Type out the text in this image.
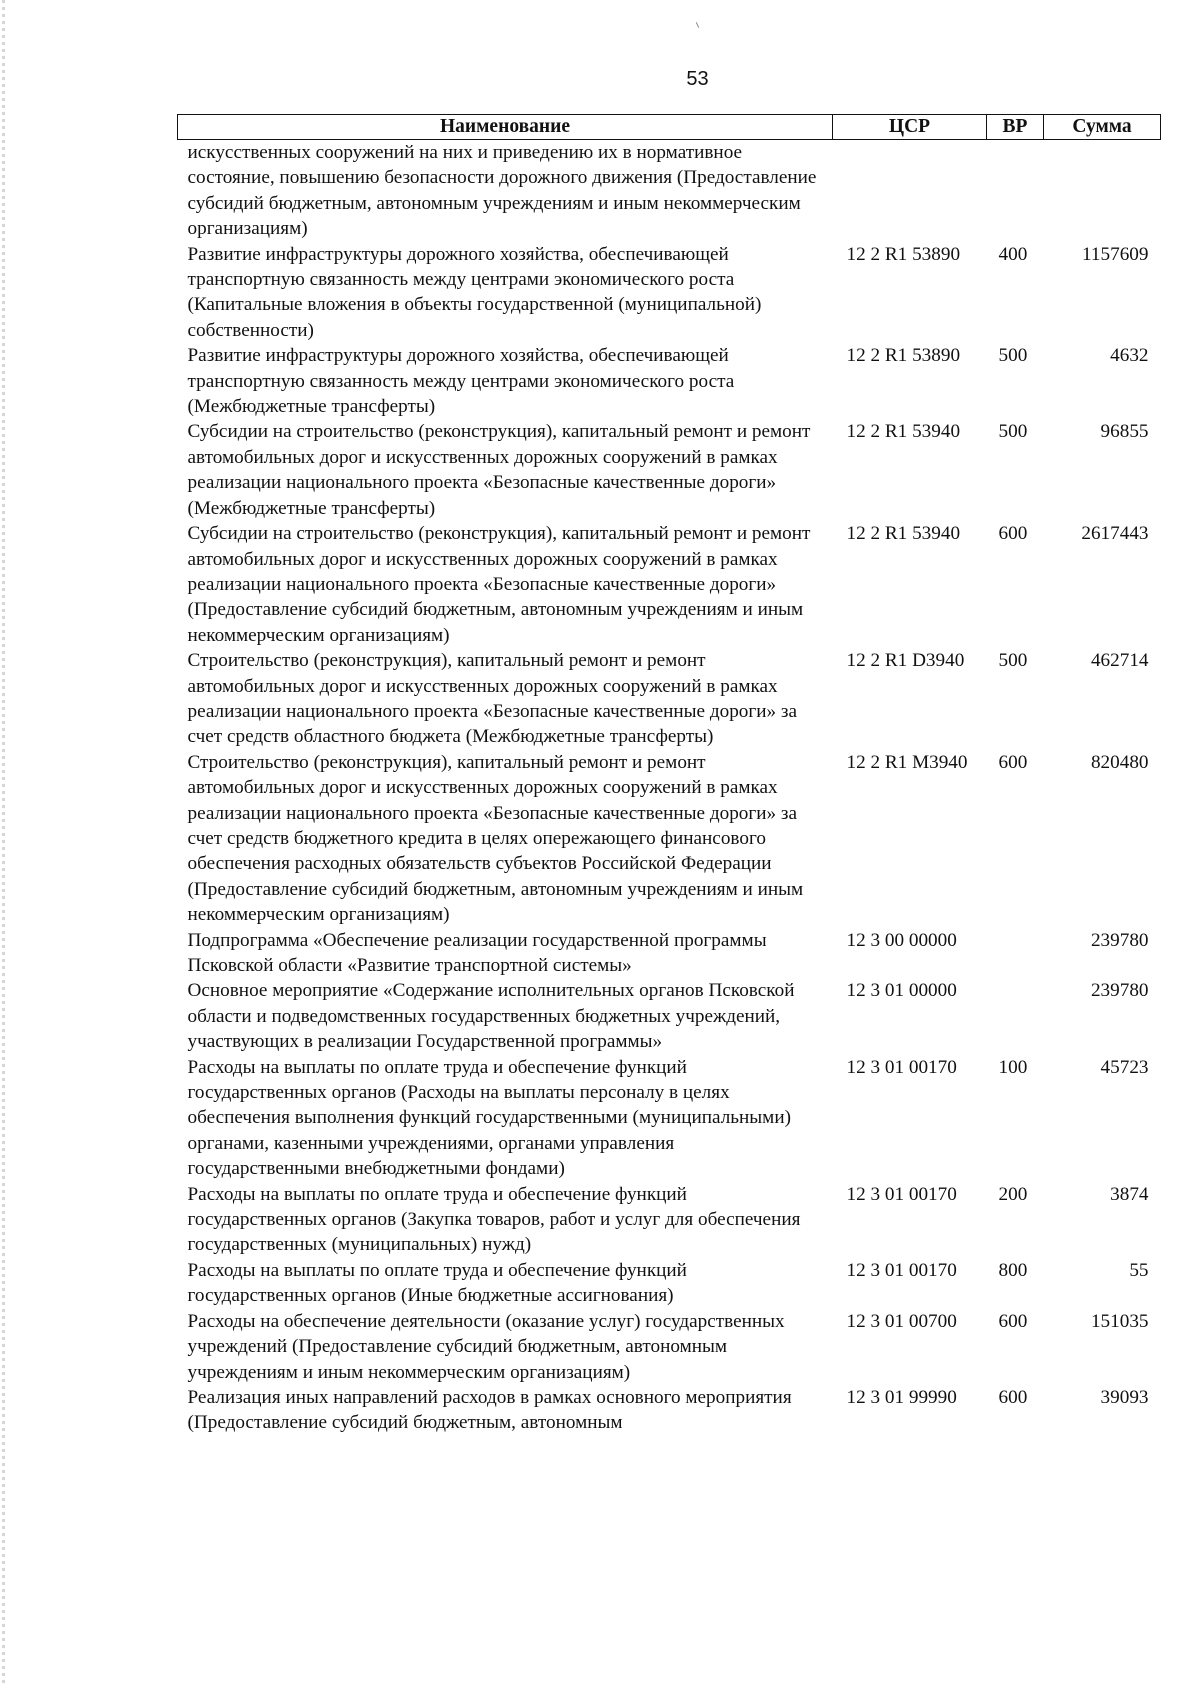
53
Наименование	ЦСР	ВР	Сумма
искусственных сооружений на них и приведению их в нормативное состояние, повышению безопасности дорожного движения (Предоставление субсидий бюджетным, автономным учреждениям и иным некоммерческим организациям)			
Развитие инфраструктуры дорожного хозяйства, обеспечивающей транспортную связанность между центрами экономического роста (Капитальные вложения в объекты государственной (муниципальной) собственности)	12 2 R1 53890	400	1157609
Развитие инфраструктуры дорожного хозяйства, обеспечивающей транспортную связанность между центрами экономического роста (Межбюджетные трансферты)	12 2 R1 53890	500	4632
Субсидии на строительство (реконструкция), капитальный ремонт и ремонт автомобильных дорог и искусственных дорожных сооружений в рамках реализации национального проекта «Безопасные качественные дороги» (Межбюджетные трансферты)	12 2 R1 53940	500	96855
Субсидии на строительство (реконструкция), капитальный ремонт и ремонт автомобильных дорог и искусственных дорожных сооружений в рамках реализации национального проекта «Безопасные качественные дороги» (Предоставление субсидий бюджетным, автономным учреждениям и иным некоммерческим организациям)	12 2 R1 53940	600	2617443
Строительство (реконструкция), капитальный ремонт и ремонт автомобильных дорог и искусственных дорожных сооружений в рамках реализации национального проекта «Безопасные качественные дороги» за счет средств областного бюджета (Межбюджетные трансферты)	12 2 R1 D3940	500	462714
Строительство (реконструкция), капитальный ремонт и ремонт автомобильных дорог и искусственных дорожных сооружений в рамках реализации национального проекта «Безопасные качественные дороги» за счет средств бюджетного кредита в целях опережающего финансового обеспечения расходных обязательств субъектов Российской Федерации (Предоставление субсидий бюджетным, автономным учреждениям и иным некоммерческим организациям)	12 2 R1 M3940	600	820480
Подпрограмма «Обеспечение реализации государственной программы Псковской области «Развитие транспортной системы»	12 3 00 00000		239780
Основное мероприятие «Содержание исполнительных органов Псковской области и подведомственных государственных бюджетных учреждений, участвующих в реализации Государственной программы»	12 3 01 00000		239780
Расходы на выплаты по оплате труда и обеспечение функций государственных органов (Расходы на выплаты персоналу в целях обеспечения выполнения функций государственными (муниципальными) органами, казенными учреждениями, органами управления государственными внебюджетными фондами)	12 3 01 00170	100	45723
Расходы на выплаты по оплате труда и обеспечение функций государственных органов (Закупка товаров, работ и услуг для обеспечения государственных (муниципальных) нужд)	12 3 01 00170	200	3874
Расходы на выплаты по оплате труда и обеспечение функций государственных органов (Иные бюджетные ассигнования)	12 3 01 00170	800	55
Расходы на обеспечение деятельности (оказание услуг) государственных учреждений (Предоставление субсидий бюджетным, автономным учреждениям и иным некоммерческим организациям)	12 3 01 00700	600	151035
Реализация иных направлений расходов в рамках основного мероприятия (Предоставление субсидий бюджетным, автономным	12 3 01 99990	600	39093
